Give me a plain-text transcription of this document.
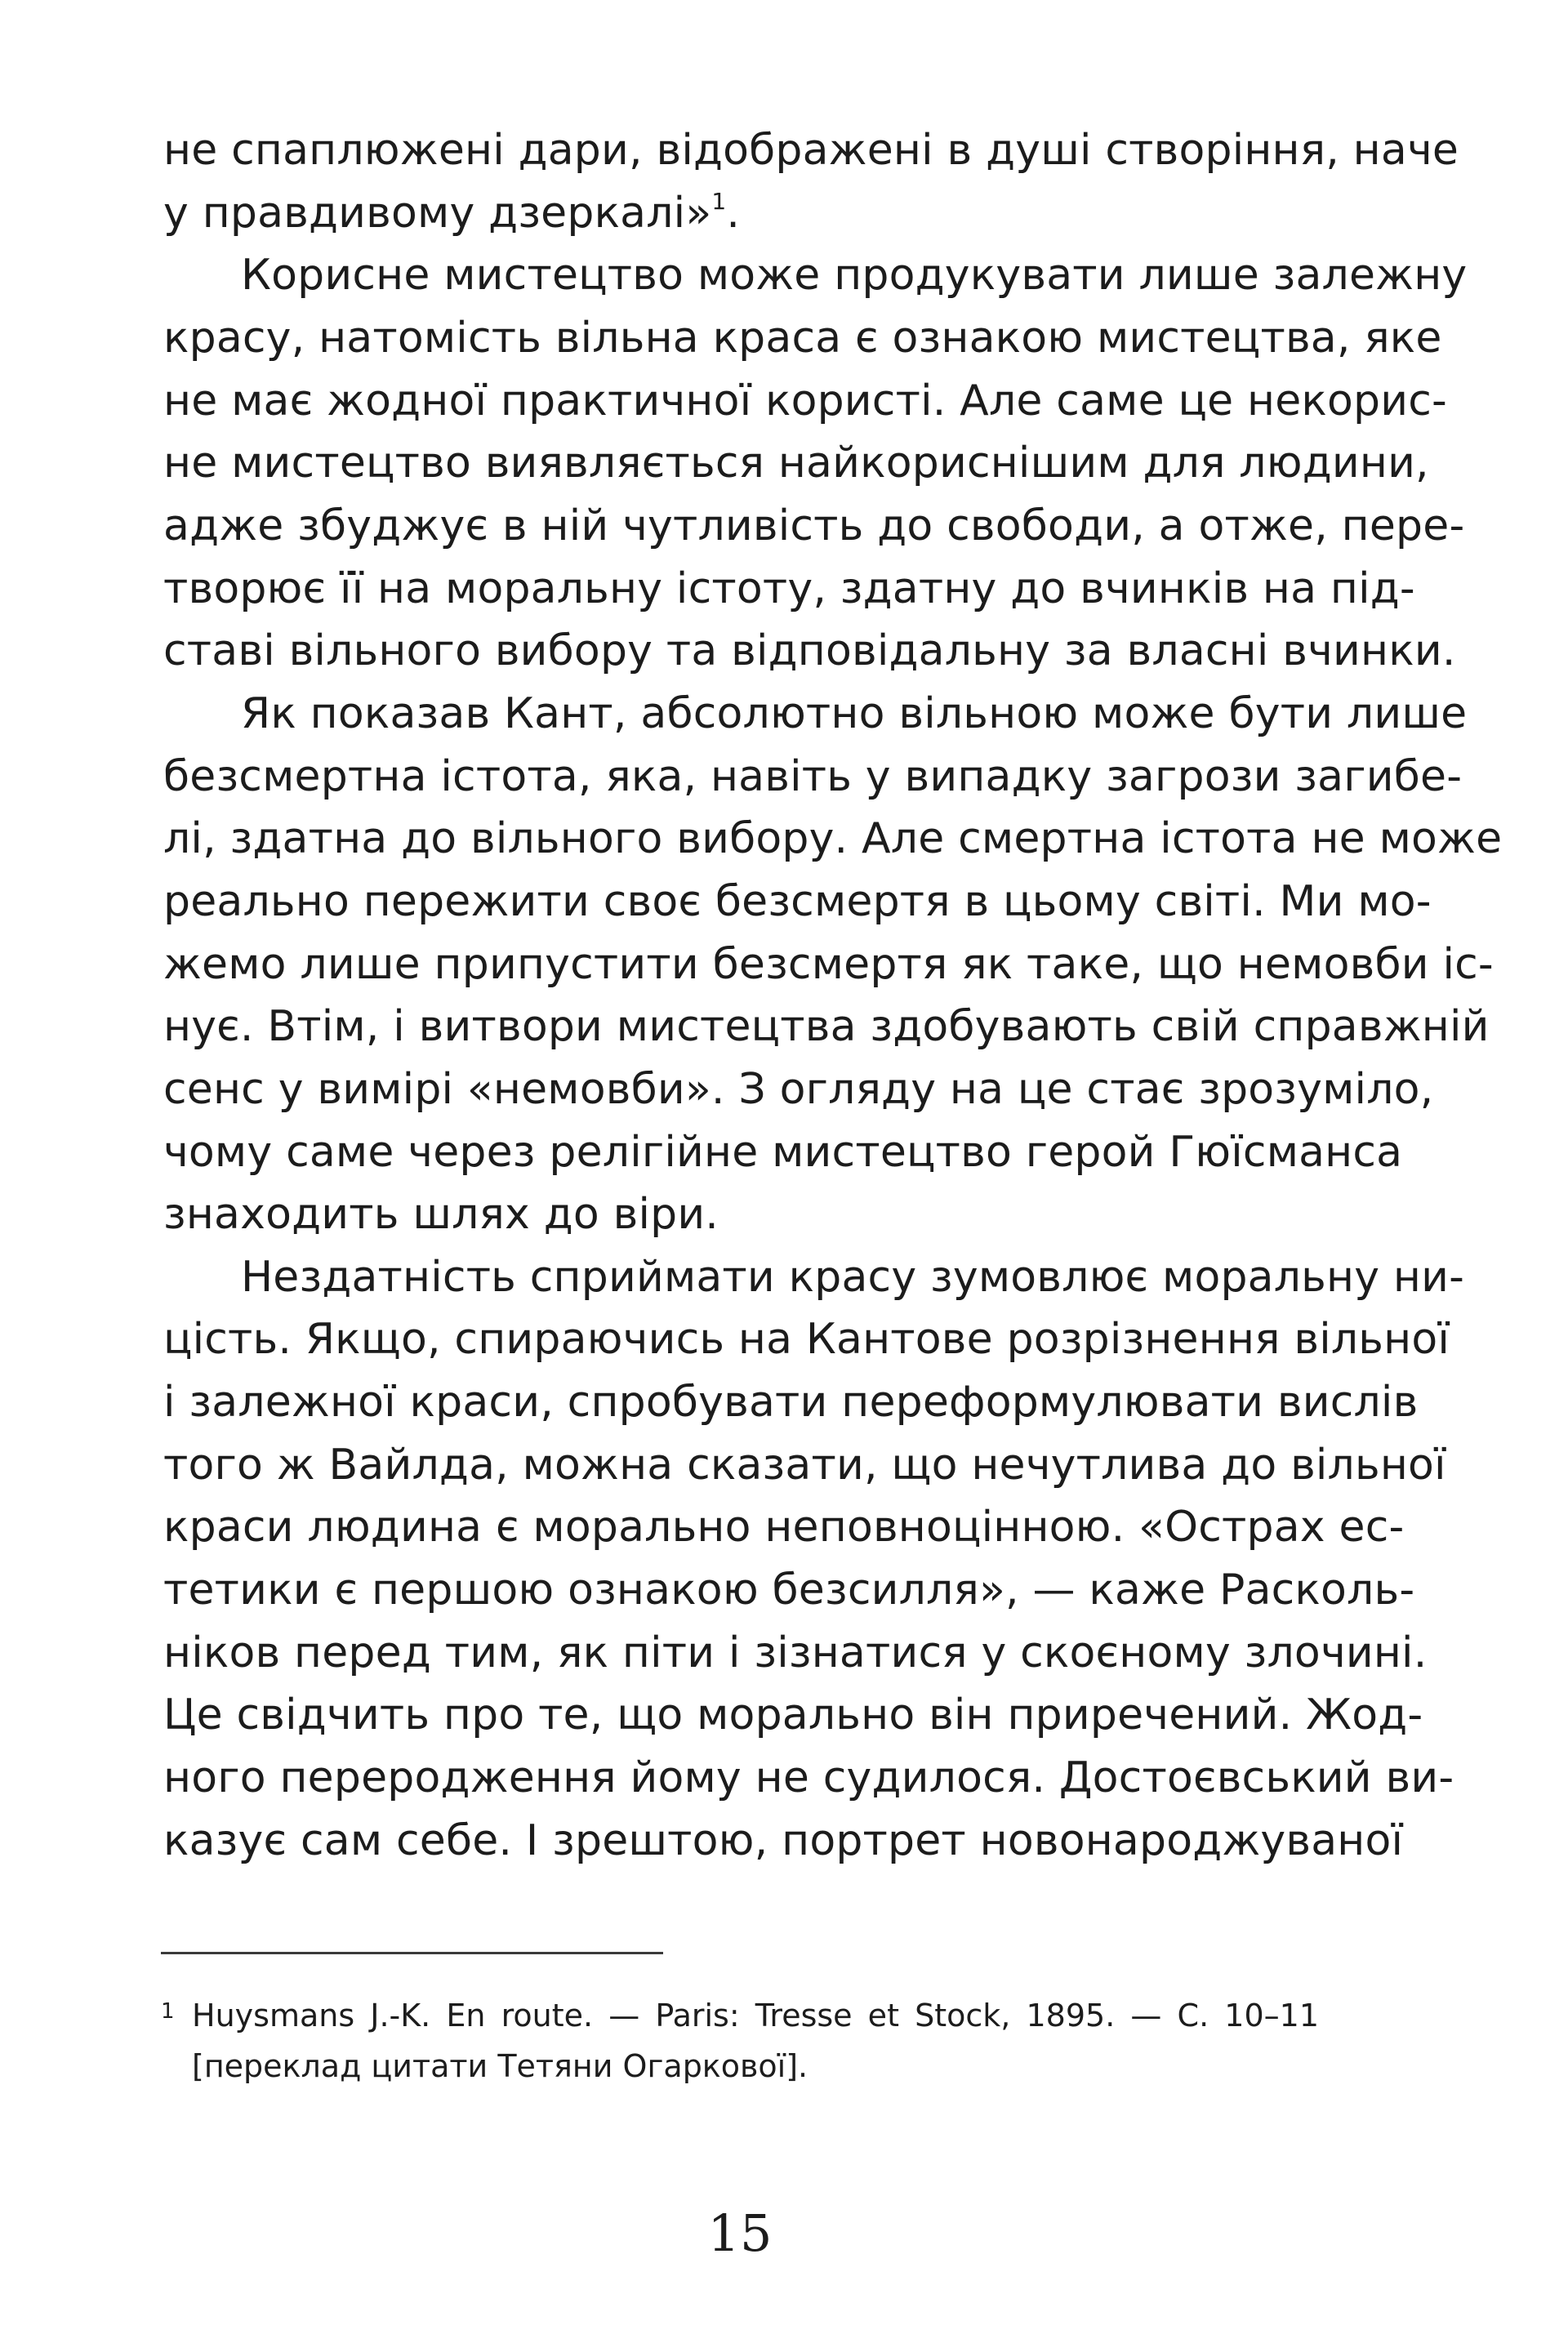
не спаплюжені дари, відображені в душі створіння, наче
у правдивому дзеркалі»$^1$.
Корисне мистецтво може продукувати лише залежну
красу, натомість вільна краса є ознакою мистецтва, яке
не має жодної практичної користі. Але саме це некорис-
не мистецтво виявляється найкориснішим для людини,
адже збуджує в ній чутливість до свободи, а отже, пере-
творює її на моральну істоту, здатну до вчинків на під-
ставі вільного вибору та відповідальну за власні вчинки.
Як показав Кант, абсолютно вільною може бути лише
безсмертна істота, яка, навіть у випадку загрози загибе-
лі, здатна до вільного вибору. Але смертна істота не може
реально пережити своє безсмертя в цьому світі. Ми мо-
жемо лише припустити безсмертя як таке, що немовби іс-
нує. Втім, і витвори мистецтва здобувають свій справжній
сенс у вимірі «немовби». З огляду на це стає зрозуміло,
чому саме через релігійне мистецтво герой Гюїсманса
знаходить шлях до віри.
Нездатність сприймати красу зумовлює моральну ни-
цість. Якщо, спираючись на Кантове розрізнення вільної
і залежної краси, спробувати переформулювати вислів
того ж Вайлда, можна сказати, що нечутлива до вільної
краси людина є морально неповноцінною. «Острах ес-
тетики є першою ознакою безсилля», — каже Расколь-
ніков перед тим, як піти і зізнатися у скоєному злочині.
Це свідчить про те, що морально він приречений. Жод-
ного переродження йому не судилося. Достоєвський ви-
казує сам себе. І зрештою, портрет новонароджуваної
1 Huysmans J.-K. En route. — Paris: Tresse et Stock, 1895. — С. 10–11
[переклад цитати Тетяни Огаркової].
15
